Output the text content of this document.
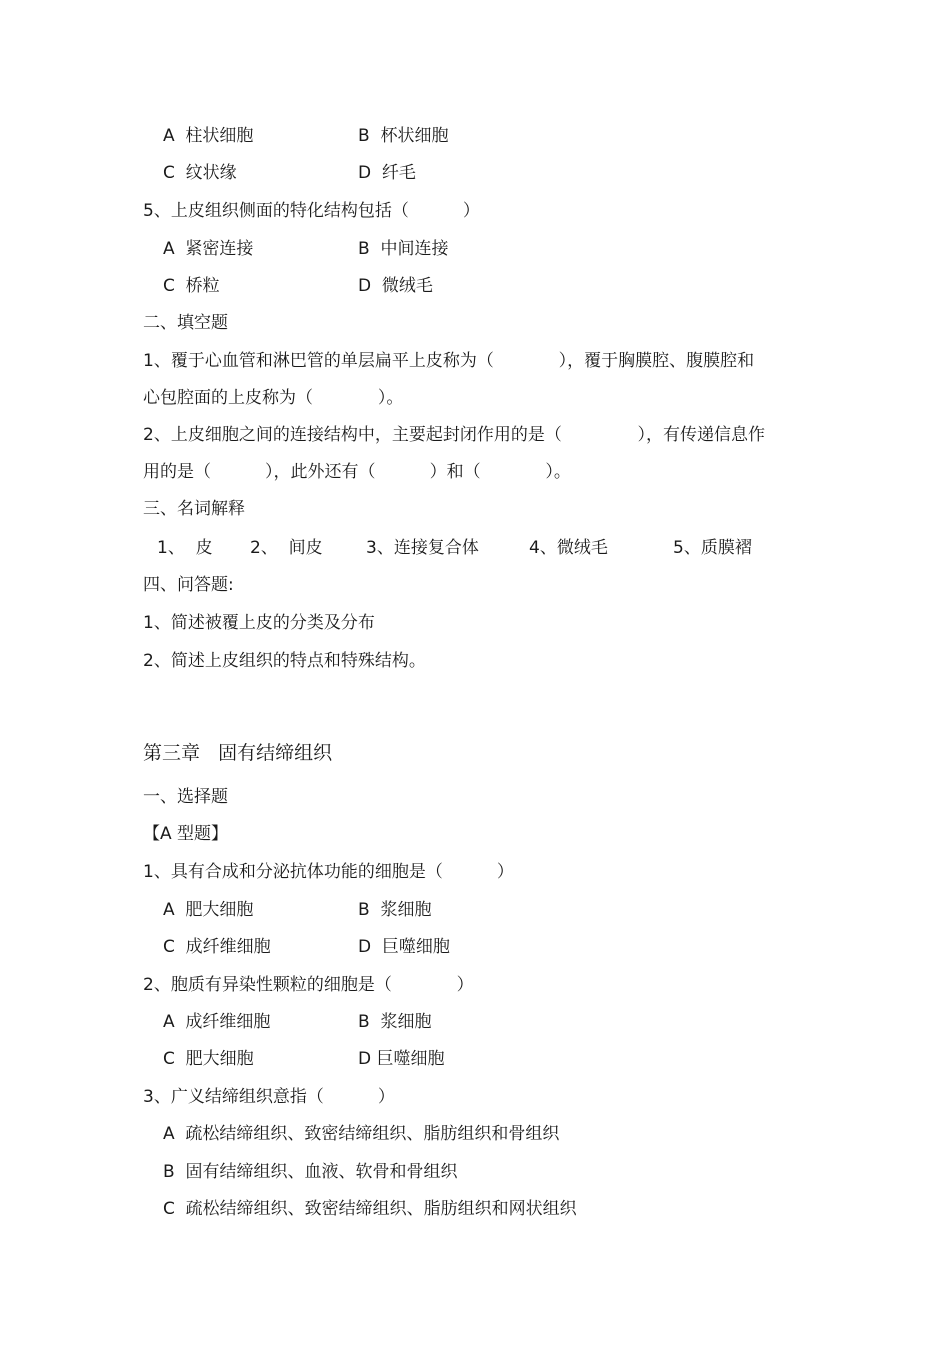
A  柱状细胞	B  杯状细胞
C  纹状缘	D  纤毛
5、上皮组织侧面的特化结构包括（          ）
A  紧密连接	B  中间连接
C  桥粒	D  微绒毛
二、填空题
1、覆于心血管和淋巴管的单层扁平上皮称为（            ），覆于胸膜腔、腹膜腔和
心包腔面的上皮称为（            ）。
2、上皮细胞之间的连接结构中，主要起封闭作用的是（              ），有传递信息作
用的是（          ），此外还有（          ）和（            ）。
三、名词解释
1、  皮 2、  间皮	3、连接复合体	4、微绒毛	5、质膜褶
四、问答题:
1、简述被覆上皮的分类及分布
2、简述上皮组织的特点和特殊结构。
第三章   固有结缔组织
一、选择题
【A 型题】
1、具有合成和分泌抗体功能的细胞是（          ）
A  肥大细胞	B  浆细胞
C  成纤维细胞	D  巨噬细胞
2、胞质有异染性颗粒的细胞是（            ）
A  成纤维细胞	B  浆细胞
C  肥大细胞	D 巨噬细胞
3、广义结缔组织意指（          ）
A  疏松结缔组织、致密结缔组织、脂肪组织和骨组织
B  固有结缔组织、血液、软骨和骨组织
C  疏松结缔组织、致密结缔组织、脂肪组织和网状组织
